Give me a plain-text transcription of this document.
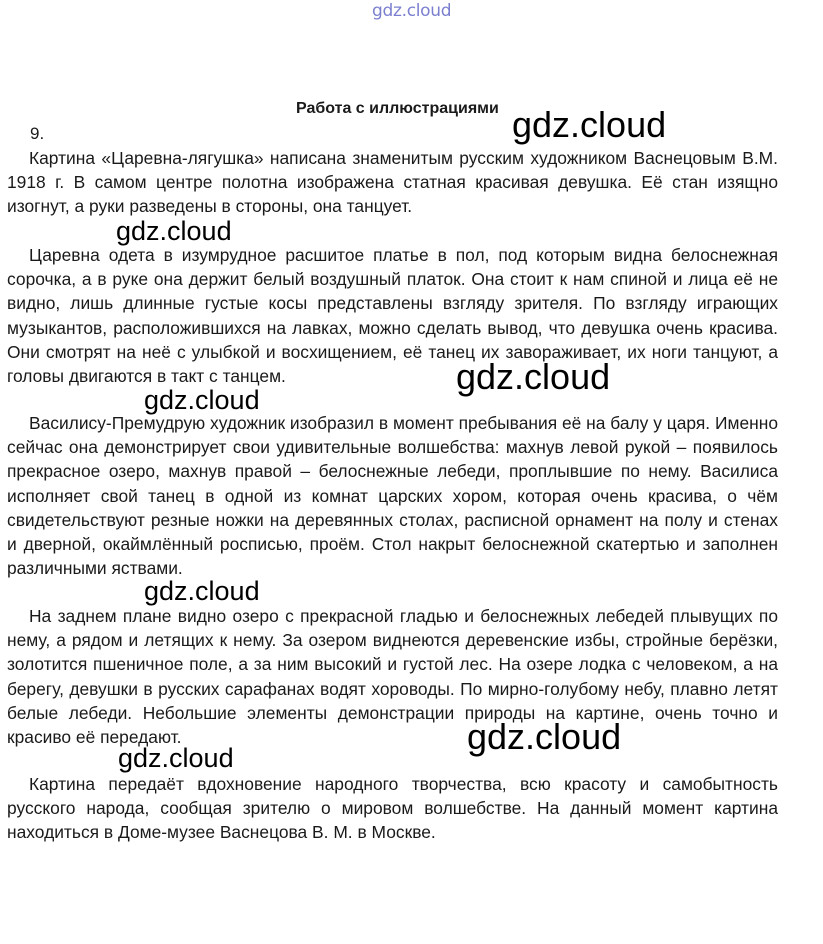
gdz.cloud
Работа с иллюстрациями
9.

Картина «Царевна-лягушка» написана знаменитым русским художником Васнецовым В.М. 1918 г. В самом центре полотна изображена статная красивая девушка. Её стан изящно изогнут, а руки разведены в стороны, она танцует.

Царевна одета в изумрудное расшитое платье в пол, под которым видна белоснежная сорочка, а в руке она держит белый воздушный платок. Она стоит к нам спиной и лица её не видно, лишь длинные густые косы представлены взгляду зрителя. По взгляду играющих музыкантов, расположившихся на лавках, можно сделать вывод, что девушка очень красива. Они смотрят на неё с улыбкой и восхищением, её танец их завораживает, их ноги танцуют, а головы двигаются в такт с танцем.

Василису-Премудрую художник изобразил в момент пребывания её на балу у царя. Именно сейчас она демонстрирует свои удивительные волшебства: махнув левой рукой – появилось прекрасное озеро, махнув правой – белоснежные лебеди, проплывшие по нему. Василиса исполняет свой танец в одной из комнат царских хором, которая очень красива, о чём свидетельствуют резные ножки на деревянных столах, расписной орнамент на полу и стенах и дверной, окаймлённый росписью, проём. Стол накрыт белоснежной скатертью и заполнен различными яствами.

На заднем плане видно озеро с прекрасной гладью и белоснежных лебедей плывущих по нему, а рядом и летящих к нему. За озером виднеются деревенские избы, стройные берёзки, золотится пшеничное поле, а за ним высокий и густой лес. На озере лодка с человеком, а на берегу, девушки в русских сарафанах водят хороводы. По мирно-голубому небу, плавно летят белые лебеди. Небольшие элементы демонстрации природы на картине, очень точно и красиво её передают.

Картина передаёт вдохновение народного творчества, всю красоту и самобытность русского народа, сообщая зрителю о мировом волшебстве. На данный момент картина находиться в Доме-музее Васнецова В. М. в Москве.

gdz.cloud
gdz.cloud
gdz.cloud
gdz.cloud
gdz.cloud
gdz.cloud
gdz.cloud
